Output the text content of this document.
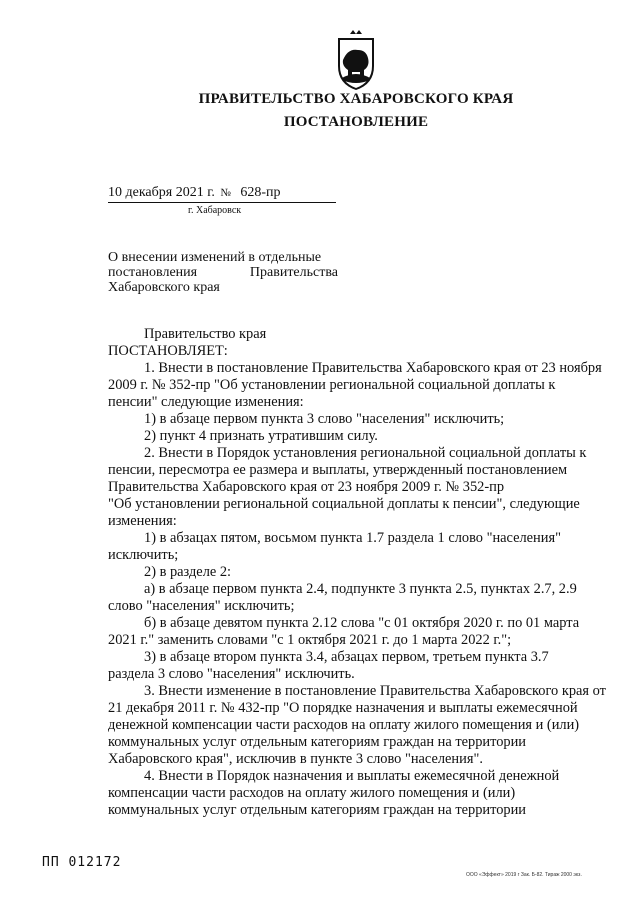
ПРАВИТЕЛЬСТВО ХАБАРОВСКОГО КРАЯ
ПОСТАНОВЛЕНИЕ
10 декабря 2021 г. № 628-пр
г. Хабаровск
О внесении изменений в отдельные
постановления	Правительства
Хабаровского края
Правительство края
ПОСТАНОВЛЯЕТ:
1. Внести в постановление Правительства Хабаровского края от 23 ноября
2009 г. № 352-пр "Об установлении региональной социальной доплаты к
пенсии" следующие изменения:
1) в абзаце первом пункта 3 слово "населения" исключить;
2) пункт 4 признать утратившим силу.
2. Внести в Порядок установления региональной социальной доплаты к
пенсии, пересмотра ее размера и выплаты, утвержденный постановлением
Правительства Хабаровского края от 23 ноября 2009 г. № 352-пр
"Об установлении региональной социальной доплаты к пенсии", следующие
изменения:
1) в абзацах пятом, восьмом пункта 1.7 раздела 1 слово "населения"
исключить;
2) в разделе 2:
а) в абзаце первом пункта 2.4, подпункте 3 пункта 2.5, пунктах 2.7, 2.9
слово "населения" исключить;
б) в абзаце девятом пункта 2.12 слова "с 01 октября 2020 г. по 01 марта
2021 г." заменить словами "с 1 октября 2021 г. до 1 марта 2022 г.";
3) в абзаце втором пункта 3.4, абзацах первом, третьем пункта 3.7
раздела 3 слово "населения" исключить.
3. Внести изменение в постановление Правительства Хабаровского края от
21 декабря 2011 г. № 432-пр "О порядке назначения и выплаты ежемесячной
денежной компенсации части расходов на оплату жилого помещения и (или)
коммунальных услуг отдельным категориям граждан на территории
Хабаровского края", исключив в пункте 3 слово "населения".
4. Внести в Порядок назначения и выплаты ежемесячной денежной
компенсации части расходов на оплату жилого помещения и (или)
коммунальных услуг отдельным категориям граждан на территории
ПП 012172
ООО «Эффект» 2019 г Зак. Б-82. Тираж 2000 экз.
